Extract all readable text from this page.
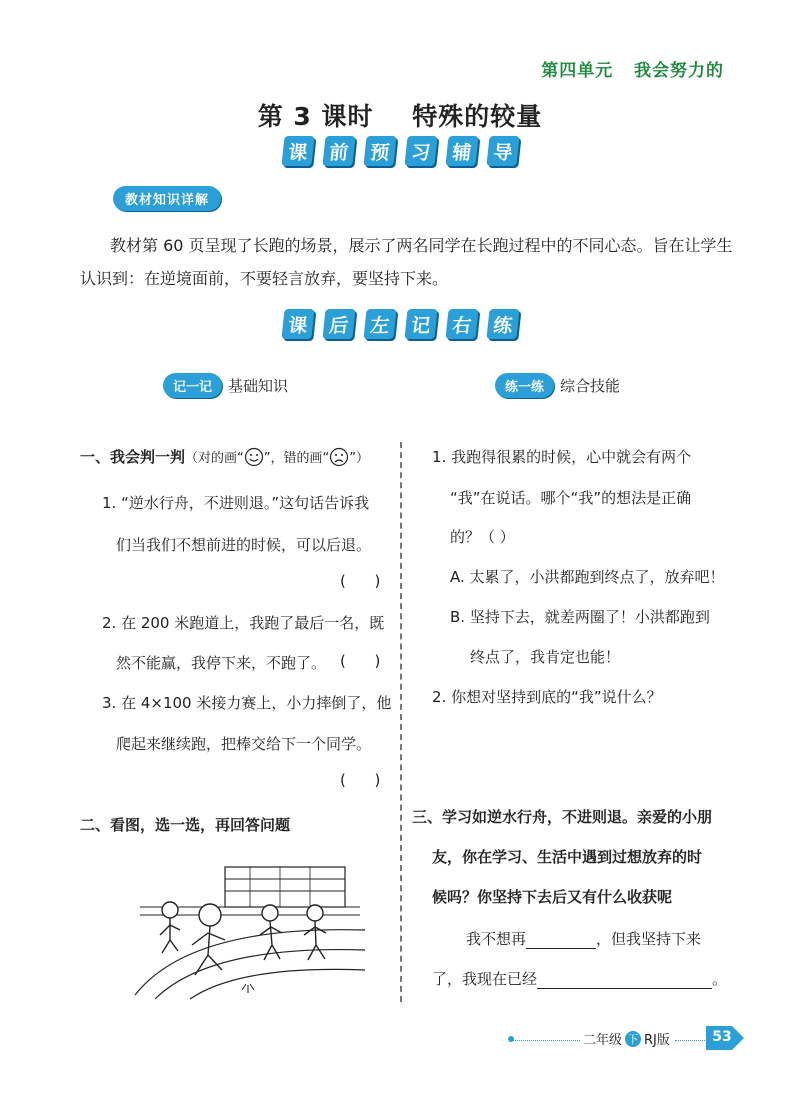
第四单元   我会努力的
第 3 课时    特殊的较量
课	前	预	习	辅	导
教材知识详解
教材第 60 页呈现了长跑的场景，展示了两名同学在长跑过程中的不同心态。旨在让学生
认识到：在逆境面前，不要轻言放弃，要坚持下来。
课	后	左	记	右	练
记一记	基础知识	练一练	综合技能
一、我会判一判 （对的画“ ”，错的画“ ”）
1. “逆水行舟，不进则退。”这句话告诉我
们当我们不想前进的时候，可以后退。
(      )
2. 在 200 米跑道上，我跑了最后一名，既
然不能赢，我停下来，不跑了。 (      )
3. 在 4×100 米接力赛上，小力摔倒了，他
爬起来继续跑，把棒交给下一个同学。
(      )
二、看图，选一选，再回答问题
1. 我跑得很累的时候，心中就会有两个
“我”在说话。哪个“我”的想法是正确
的？（ ）
A. 太累了，小洪都跑到终点了，放弃吧！
B. 坚持下去，就差两圈了！小洪都跑到
终点了，我肯定也能！
2. 你想对坚持到底的“我”说什么？
三、学习如逆水行舟，不进则退。亲爱的小朋
友，你在学习、生活中遇到过想放弃的时
候吗？你坚持下去后又有什么收获呢
我不想再	，但我坚持下来
了，我现在已经	。
二年级 下 RJ版	53
